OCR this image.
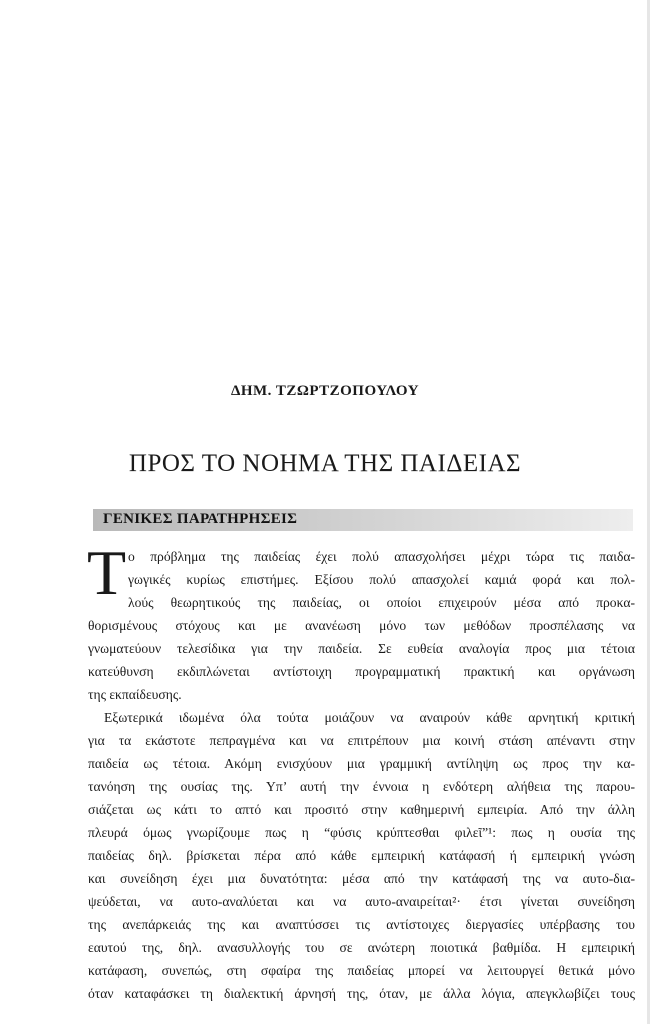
ΔΗΜ. ΤΖΩΡΤΖΟΠΟΥΛΟΥ
ΠΡΟΣ ΤΟ ΝΟΗΜΑ ΤΗΣ ΠΑΙΔΕΙΑΣ
ΓΕΝΙΚΕΣ ΠΑΡΑΤΗΡΗΣΕΙΣ
Τ ο πρόβλημα της παιδείας έχει πολύ απασχολήσει μέχρι τώρα τις παιδα-
γωγικές κυρίως επιστήμες. Εξίσου πολύ απασχολεί καμιά φορά και πολ-
λούς θεωρητικούς της παιδείας, οι οποίοι επιχειρούν μέσα από προκα-
θορισμένους στόχους και με ανανέωση μόνο των μεθόδων προσπέλασης να
γνωματεύουν τελεσίδικα για την παιδεία. Σε ευθεία αναλογία προς μια τέτοια
κατεύθυνση εκδιπλώνεται αντίστοιχη προγραμματική πρακτική και οργάνωση
της εκπαίδευσης.
Εξωτερικά ιδωμένα όλα τούτα μοιάζουν να αναιρούν κάθε αρνητική κριτική
για τα εκάστοτε πεπραγμένα και να επιτρέπουν μια κοινή στάση απέναντι στην
παιδεία ως τέτοια. Ακόμη ενισχύουν μια γραμμική αντίληψη ως προς την κα-
τανόηση της ουσίας της. Υπ’ αυτή την έννοια η ενδότερη αλήθεια της παρου-
σιάζεται ως κάτι το απτό και προσιτό στην καθημερινή εμπειρία. Από την άλλη
πλευρά όμως γνωρίζουμε πως η “φύσις κρύπτεσθαι φιλεῖ”¹: πως η ουσία της
παιδείας δηλ. βρίσκεται πέρα από κάθε εμπειρική κατάφασή ή εμπειρική γνώση
και συνείδηση έχει μια δυνατότητα: μέσα από την κατάφασή της να αυτο-δια-
ψεύδεται, να αυτο-αναλύεται και να αυτο-αναιρείται²· έτσι γίνεται συνείδηση
της ανεπάρκειάς της και αναπτύσσει τις αντίστοιχες διεργασίες υπέρβασης του
εαυτού της, δηλ. ανασυλλογής του σε ανώτερη ποιοτικά βαθμίδα. Η εμπειρική
κατάφαση, συνεπώς, στη σφαίρα της παιδείας μπορεί να λειτουργεί θετικά μόνο
όταν καταφάσκει τη διαλεκτική άρνησή της, όταν, με άλλα λόγια, απεγκλωβίζει τους
